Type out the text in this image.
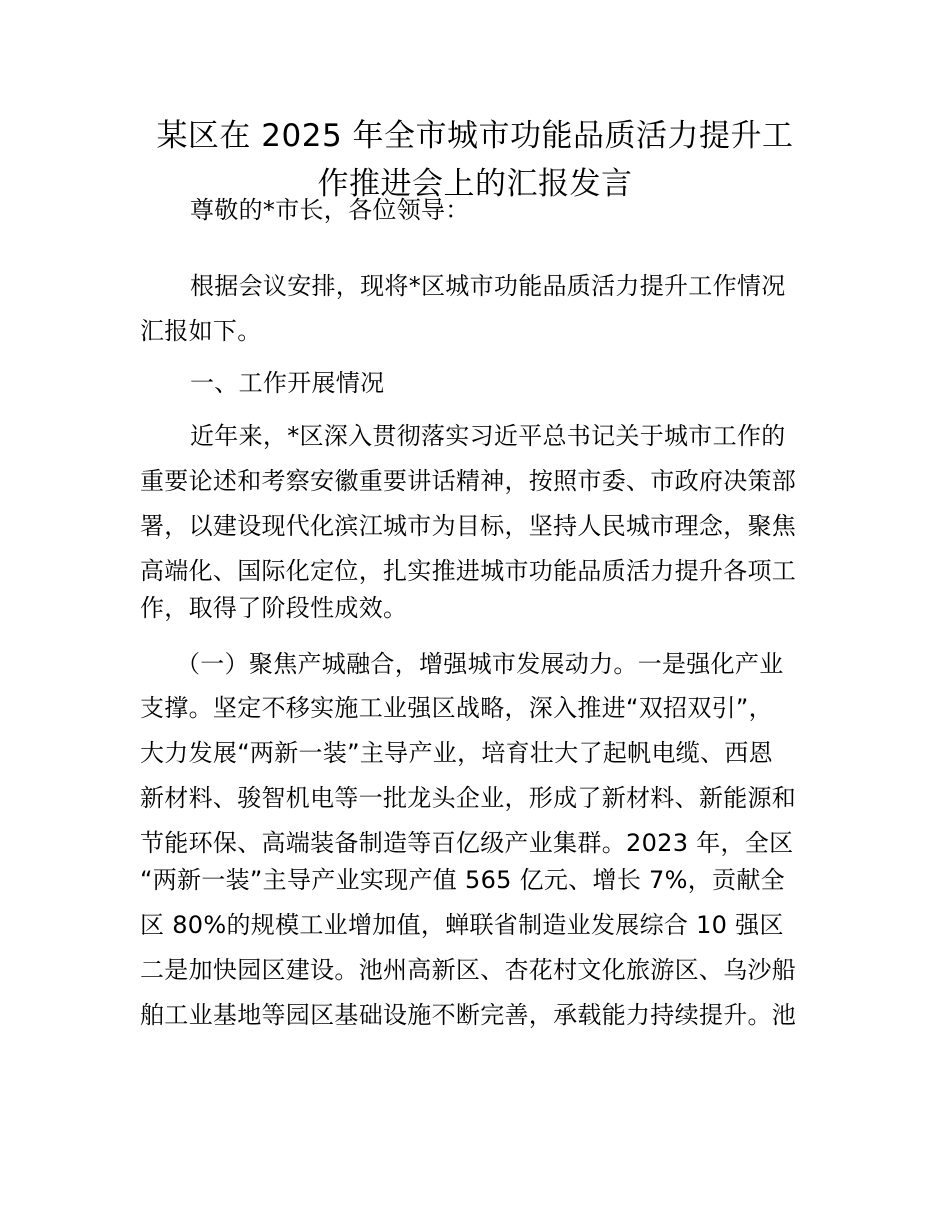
某区在 2025 年全市城市功能品质活力提升工
作推进会上的汇报发言
尊敬的*市长，各位领导：
根据会议安排，现将*区城市功能品质活力提升工作情况
汇报如下。
一、工作开展情况
近年来，*区深入贯彻落实习近平总书记关于城市工作的
重要论述和考察安徽重要讲话精神，按照市委、市政府决策部
署，以建设现代化滨江城市为目标，坚持人民城市理念，聚焦
高端化、国际化定位，扎实推进城市功能品质活力提升各项工
作，取得了阶段性成效。
（一）聚焦产城融合，增强城市发展动力。一是强化产业
支撑。坚定不移实施工业强区战略，深入推进“双招双引”，
大力发展“两新一装”主导产业，培育壮大了起帆电缆、西恩
新材料、骏智机电等一批龙头企业，形成了新材料、新能源和
节能环保、高端装备制造等百亿级产业集群。2023 年，全区
“两新一装”主导产业实现产值 565 亿元、增长 7%，贡献全
区 80%的规模工业增加值，蝉联省制造业发展综合 10 强区
二是加快园区建设。池州高新区、杏花村文化旅游区、乌沙船
舶工业基地等园区基础设施不断完善，承载能力持续提升。池
